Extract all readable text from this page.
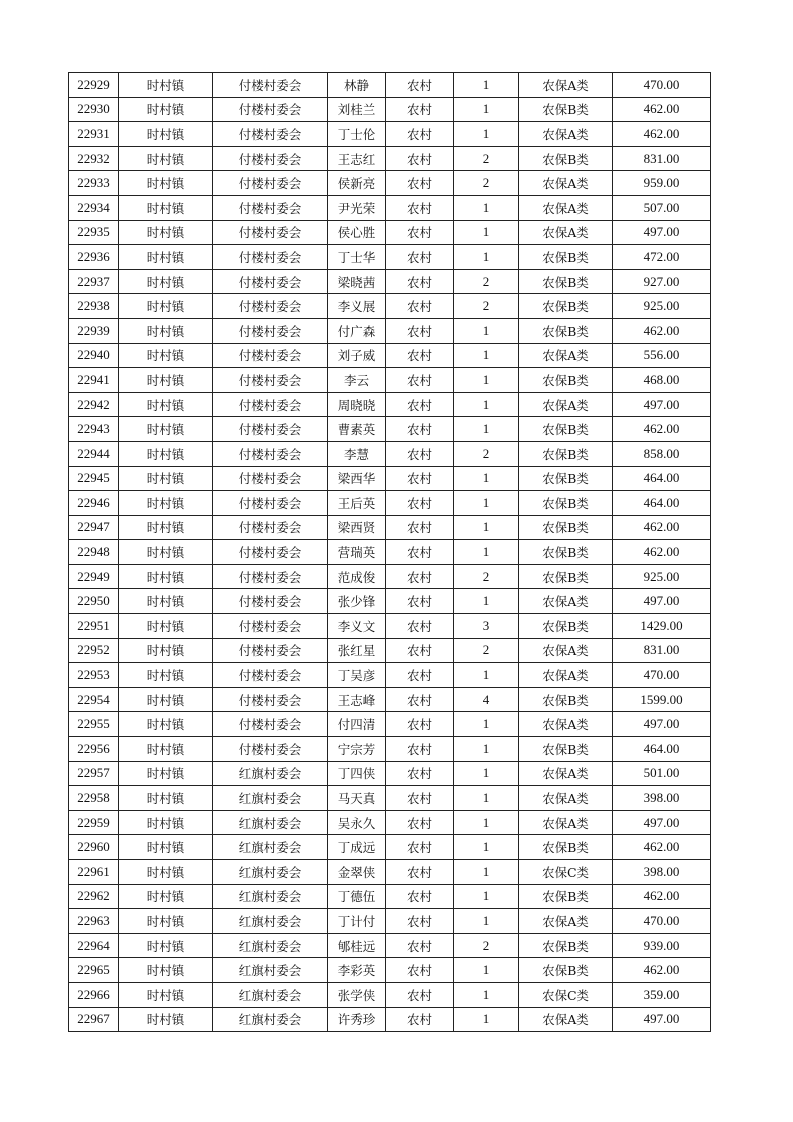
22929	时村镇	付楼村委会	林静	农村	1	农保A类	470.00
22930	时村镇	付楼村委会	刘桂兰	农村	1	农保B类	462.00
22931	时村镇	付楼村委会	丁士伦	农村	1	农保A类	462.00
22932	时村镇	付楼村委会	王志红	农村	2	农保B类	831.00
22933	时村镇	付楼村委会	侯新亮	农村	2	农保A类	959.00
22934	时村镇	付楼村委会	尹光荣	农村	1	农保A类	507.00
22935	时村镇	付楼村委会	侯心胜	农村	1	农保A类	497.00
22936	时村镇	付楼村委会	丁士华	农村	1	农保B类	472.00
22937	时村镇	付楼村委会	梁晓茜	农村	2	农保B类	927.00
22938	时村镇	付楼村委会	李义展	农村	2	农保B类	925.00
22939	时村镇	付楼村委会	付广森	农村	1	农保B类	462.00
22940	时村镇	付楼村委会	刘子威	农村	1	农保A类	556.00
22941	时村镇	付楼村委会	李云	农村	1	农保B类	468.00
22942	时村镇	付楼村委会	周晓晓	农村	1	农保A类	497.00
22943	时村镇	付楼村委会	曹素英	农村	1	农保B类	462.00
22944	时村镇	付楼村委会	李慧	农村	2	农保B类	858.00
22945	时村镇	付楼村委会	梁西华	农村	1	农保B类	464.00
22946	时村镇	付楼村委会	王后英	农村	1	农保B类	464.00
22947	时村镇	付楼村委会	梁西贤	农村	1	农保B类	462.00
22948	时村镇	付楼村委会	营瑞英	农村	1	农保B类	462.00
22949	时村镇	付楼村委会	范成俊	农村	2	农保B类	925.00
22950	时村镇	付楼村委会	张少锋	农村	1	农保A类	497.00
22951	时村镇	付楼村委会	李义文	农村	3	农保B类	1429.00
22952	时村镇	付楼村委会	张红星	农村	2	农保A类	831.00
22953	时村镇	付楼村委会	丁吴彦	农村	1	农保A类	470.00
22954	时村镇	付楼村委会	王志峰	农村	4	农保B类	1599.00
22955	时村镇	付楼村委会	付四清	农村	1	农保A类	497.00
22956	时村镇	付楼村委会	宁宗芳	农村	1	农保B类	464.00
22957	时村镇	红旗村委会	丁四侠	农村	1	农保A类	501.00
22958	时村镇	红旗村委会	马天真	农村	1	农保A类	398.00
22959	时村镇	红旗村委会	吴永久	农村	1	农保A类	497.00
22960	时村镇	红旗村委会	丁成远	农村	1	农保B类	462.00
22961	时村镇	红旗村委会	金翠侠	农村	1	农保C类	398.00
22962	时村镇	红旗村委会	丁德伍	农村	1	农保B类	462.00
22963	时村镇	红旗村委会	丁计付	农村	1	农保A类	470.00
22964	时村镇	红旗村委会	郇桂远	农村	2	农保B类	939.00
22965	时村镇	红旗村委会	李彩英	农村	1	农保B类	462.00
22966	时村镇	红旗村委会	张学侠	农村	1	农保C类	359.00
22967	时村镇	红旗村委会	许秀珍	农村	1	农保A类	497.00
